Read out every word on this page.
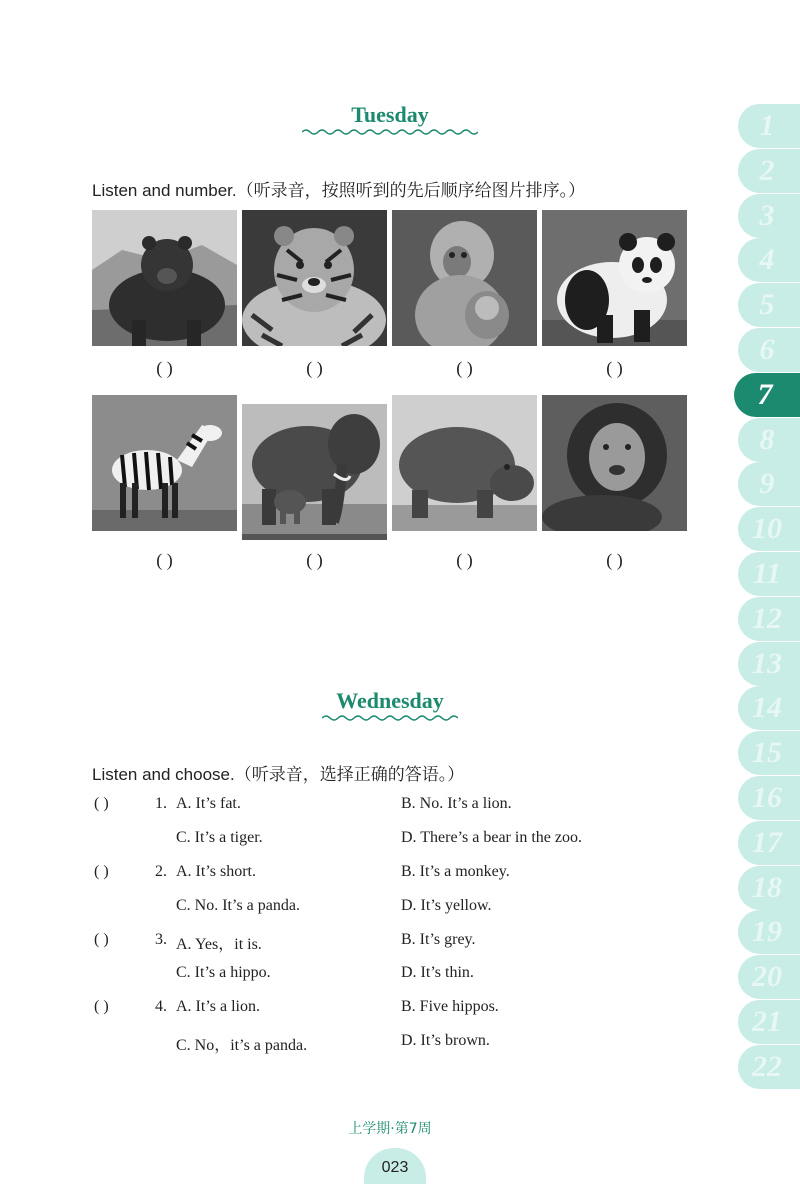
Tuesday
Listen and number.（听录音，按照听到的先后顺序给图片排序。）
( )	( )	( )	( )
( )	( )	( )	( )
Wednesday
Listen and choose.（听录音，选择正确的答语。）
( )	1. A. It’s fat.	B. No. It’s a lion.
C. It’s a tiger.	D. There’s a bear in the zoo.
( )	2. A. It’s short.	B. It’s a monkey.
C. No. It’s a panda.	D. It’s yellow.
( )	3. A. Yes，it is.	B. It’s grey.
C. It’s a hippo.	D. It’s thin.
( )	4. A. It’s a lion.	B. Five hippos.
C. No，it’s a panda.	D. It’s brown.
1
2
3
4
5
6
7
8
9
10
11
12
13
14
15
16
17
18
19
20
21
22
上学期·第7周
023
